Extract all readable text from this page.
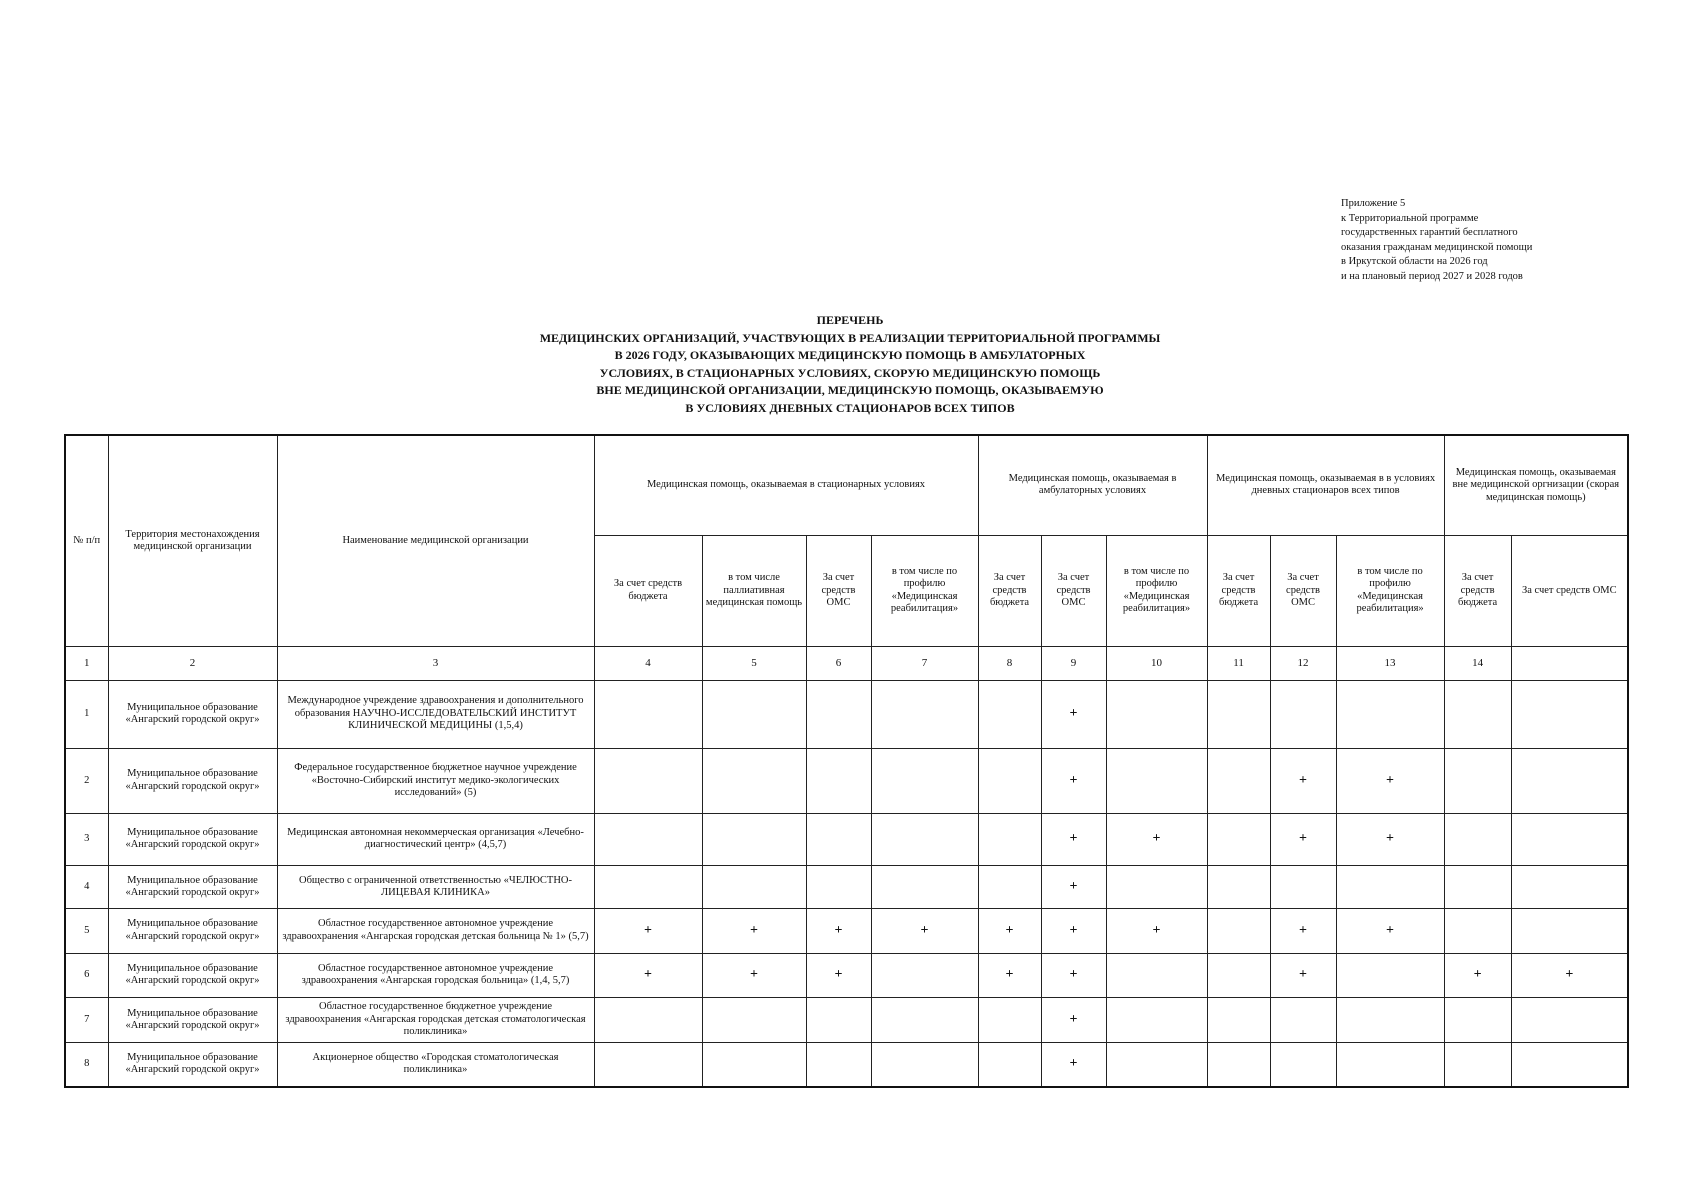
Приложение 5
к Территориальной программе
государственных гарантий бесплатного
оказания гражданам медицинской помощи
в Иркутской области на 2026 год
и на плановый период 2027 и 2028 годов
ПЕРЕЧЕНЬ
МЕДИЦИНСКИХ ОРГАНИЗАЦИЙ, УЧАСТВУЮЩИХ В РЕАЛИЗАЦИИ ТЕРРИТОРИАЛЬНОЙ ПРОГРАММЫ
В 2026 ГОДУ, ОКАЗЫВАЮЩИХ МЕДИЦИНСКУЮ ПОМОЩЬ В АМБУЛАТОРНЫХ
УСЛОВИЯХ, В СТАЦИОНАРНЫХ УСЛОВИЯХ, СКОРУЮ МЕДИЦИНСКУЮ ПОМОЩЬ
ВНЕ МЕДИЦИНСКОЙ ОРГАНИЗАЦИИ, МЕДИЦИНСКУЮ ПОМОЩЬ, ОКАЗЫВАЕМУЮ
В УСЛОВИЯХ ДНЕВНЫХ СТАЦИОНАРОВ ВСЕХ ТИПОВ
№ п/п	Территория местонахождения медицинской организации	Наименование медицинской организации	Медицинская помощь, оказываемая в стационарных условиях				Медицинская помощь, оказываемая в амбулаторных условиях			Медицинская помощь, оказываемая в в условиях дневных стационаров всех типов			Медицинская помощь, оказываемая вне медицинской оргнизации (скорая медицинская помощь)	
			За счет средств бюджета	в том числе паллиативная медицинская помощь	За счет средств ОМС	в том числе по профилю «Медицинская реабилитация»	За счет средств бюджета	За счет средств ОМС	в том числе по профилю «Медицинская реабилитация»	За счет средств бюджета	За счет средств ОМС	в том числе по профилю «Медицинская реабилитация»	За счет средств бюджета	За счет средств ОМС
1	2	3	4	5	6	7	8	9	10	11	12	13	14	
1	Муниципальное образование «Ангарский городской округ»	Международное учреждение здравоохранения и дополнительного образования НАУЧНО-ИССЛЕДОВАТЕЛЬСКИЙ ИНСТИТУТ КЛИНИЧЕСКОЙ МЕДИЦИНЫ (1,5,4)						+						
2	Муниципальное образование «Ангарский городской округ»	Федеральное государственное бюджетное научное учреждение «Восточно-Сибирский институт медико-экологических исследований» (5)						+			+	+		
3	Муниципальное образование «Ангарский городской округ»	Медицинская автономная некоммерческая организация «Лечебно-диагностический центр» (4,5,7)						+	+		+	+		
4	Муниципальное образование «Ангарский городской округ»	Общество с ограниченной ответственностью «ЧЕЛЮСТНО-ЛИЦЕВАЯ КЛИНИКА»						+						
5	Муниципальное образование «Ангарский городской округ»	Областное государственное автономное учреждение здравоохранения «Ангарская городская детская больница № 1» (5,7)	+	+	+	+	+	+	+		+	+		
6	Муниципальное образование «Ангарский городской округ»	Областное государственное автономное учреждение здравоохранения «Ангарская городская больница» (1,4, 5,7)	+	+	+		+	+			+		+	+
7	Муниципальное образование «Ангарский городской округ»	Областное государственное бюджетное учреждение здравоохранения «Ангарская городская детская стоматологическая поликлиника»						+						
8	Муниципальное образование «Ангарский городской округ»	Акционерное общество «Городская стоматологическая поликлиника»						+						
